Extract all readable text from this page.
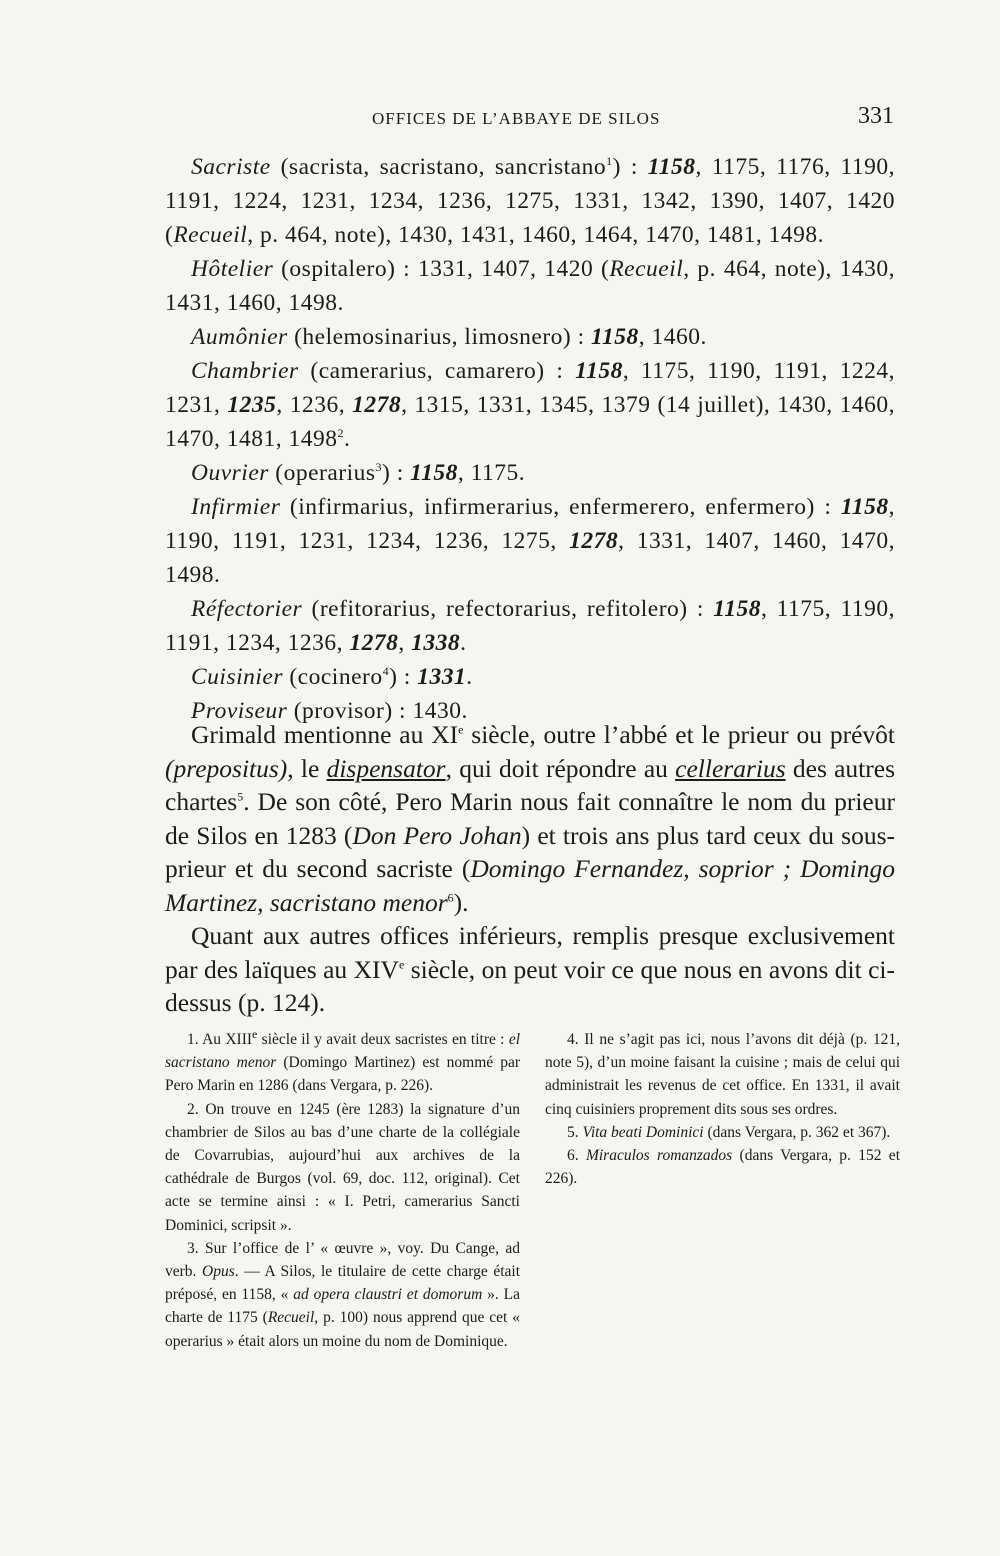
OFFICES DE L’ABBAYE DE SILOS	331

Sacriste (sacrista, sacristano, sancristano$^1$) : 1158, 1175, 1176, 1190, 1191, 1224, 1231, 1234, 1236, 1275, 1331, 1342, 1390, 1407, 1420 (Recueil, p. 464, note), 1430, 1431, 1460, 1464, 1470, 1481, 1498.

Hôtelier (ospitalero) : 1331, 1407, 1420 (Recueil, p. 464, note), 1430, 1431, 1460, 1498.

Aumônier (helemosinarius, limosnero) : 1158, 1460.

Chambrier (camerarius, camarero) : 1158, 1175, 1190, 1191, 1224, 1231, 1235, 1236, 1278, 1315, 1331, 1345, 1379 (14 juillet), 1430, 1460, 1470, 1481, 1498$^2$.

Ouvrier (operarius$^3$) : 1158, 1175.

Infirmier (infirmarius, infirmerarius, enfermerero, enfermero) : 1158, 1190, 1191, 1231, 1234, 1236, 1275, 1278, 1331, 1407, 1460, 1470, 1498.

Réfectorier (refitorarius, refectorarius, refitolero) : 1158, 1175, 1190, 1191, 1234, 1236, 1278, 1338.

Cuisinier (cocinero$^4$) : 1331.

Proviseur (provisor) : 1430.

Grimald mentionne au XIe siècle, outre l’abbé et le prieur ou prévôt (prepositus), le dispensator, qui doit répondre au cellerarius des autres chartes$^5$. De son côté, Pero Marin nous fait connaître le nom du prieur de Silos en 1283 (Don Pero Johan) et trois ans plus tard ceux du sous-prieur et du second sacriste (Domingo Fernandez, soprior ; Domingo Martinez, sacristano menor$^6$).

Quant aux autres offices inférieurs, remplis presque exclusivement par des laïques au XIVe siècle, on peut voir ce que nous en avons dit ci-dessus (p. 124).

1. Au XIIIe siècle il y avait deux sacristes en titre : el sacristano menor (Domingo Martinez) est nommé par Pero Marin en 1286 (dans Vergara, p. 226).

2. On trouve en 1245 (ère 1283) la signature d’un chambrier de Silos au bas d’une charte de la collégiale de Covarrubias, aujourd’hui aux archives de la cathédrale de Burgos (vol. 69, doc. 112, original). Cet acte se termine ainsi : « I. Petri, camerarius Sancti Dominici, scripsit ».

3. Sur l’office de l’ « œuvre », voy. Du Cange, ad verb. Opus. — A Silos, le titulaire de cette charge était préposé, en 1158, « ad opera claustri et domorum ». La charte de 1175 (Recueil, p. 100) nous apprend que cet « operarius » était alors un moine du nom de Dominique.

4. Il ne s’agit pas ici, nous l’avons dit déjà (p. 121, note 5), d’un moine faisant la cuisine ; mais de celui qui administrait les revenus de cet office. En 1331, il avait cinq cuisiniers proprement dits sous ses ordres.

5. Vita beati Dominici (dans Vergara, p. 362 et 367).

6. Miraculos romanzados (dans Vergara, p. 152 et 226).
